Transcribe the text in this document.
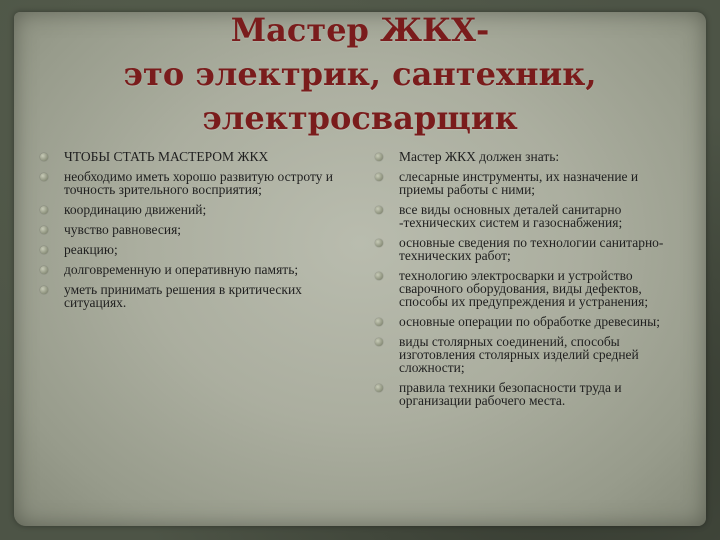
Мастер ЖКХ-
это электрик, сантехник,
электросварщик
ЧТОБЫ СТАТЬ МАСТЕРОМ ЖКХ
необходимо иметь хорошо развитую остроту и точность зрительного восприятия;
координацию движений;
чувство равновесия;
реакцию;
долговременную и оперативную память;
уметь принимать решения в критических ситуациях.
Мастер ЖКХ должен знать:
слесарные инструменты, их назначение и приемы работы с ними;
все виды основных деталей санитарно -технических систем и газоснабжения;
основные сведения по технологии санитарно-технических работ;
технологию электросварки и устройство сварочного оборудования, виды дефектов, способы их предупреждения и устранения;
основные операции по обработке древесины;
виды столярных соединений, способы изготовления столярных изделий средней сложности;
правила техники безопасности труда и организации рабочего места.
